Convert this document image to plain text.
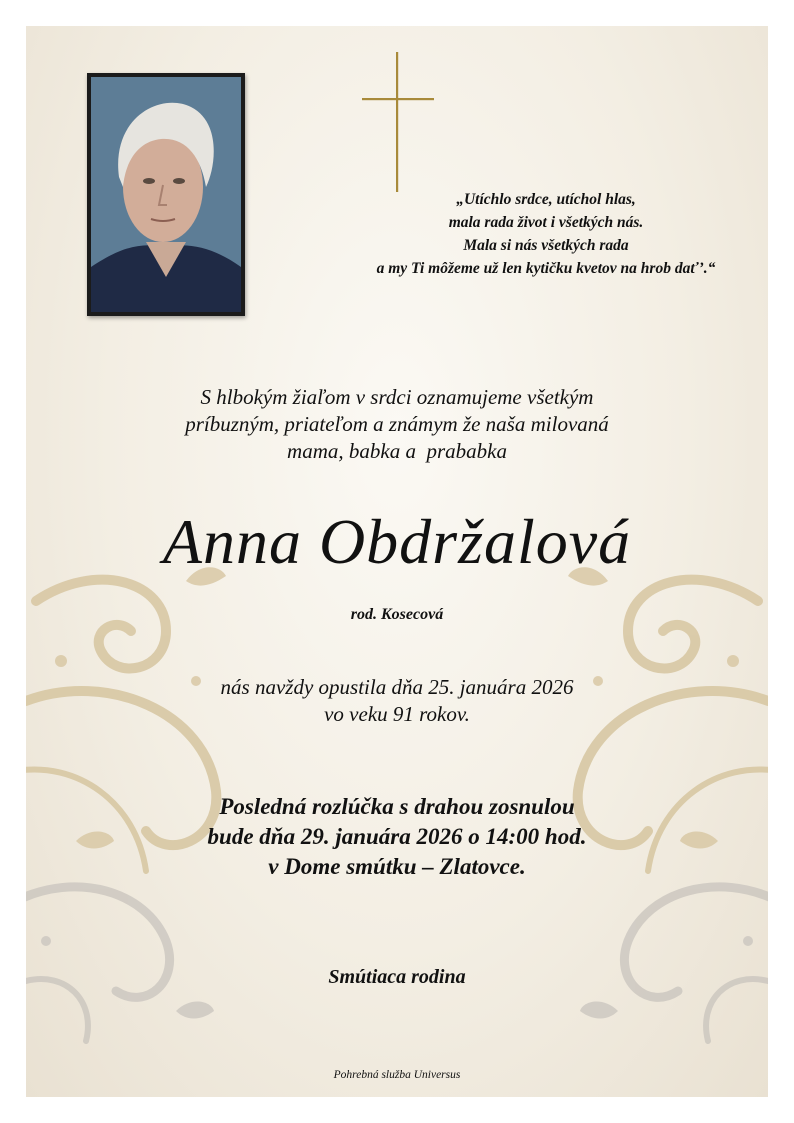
„Utíchlo srdce, utíchol hlas,
mala rada život i všetkých nás.
Mala si nás všetkých rada
a my Ti môžeme už len kytičku kvetov na hrob dať’.“
S hlbokým žiaľom v srdci oznamujeme všetkým
príbuzným, priateľom a známym že naša milovaná
mama, babka a  prababka
Anna Obdržalová
rod. Kosecová
nás navždy opustila dňa 25. januára 2026
vo veku 91 rokov.
Posledná rozlúčka s drahou zosnulou
bude dňa 29. januára 2026 o 14:00 hod.
v Dome smútku – Zlatovce.
Smútiaca rodina
Pohrebná služba Universus
